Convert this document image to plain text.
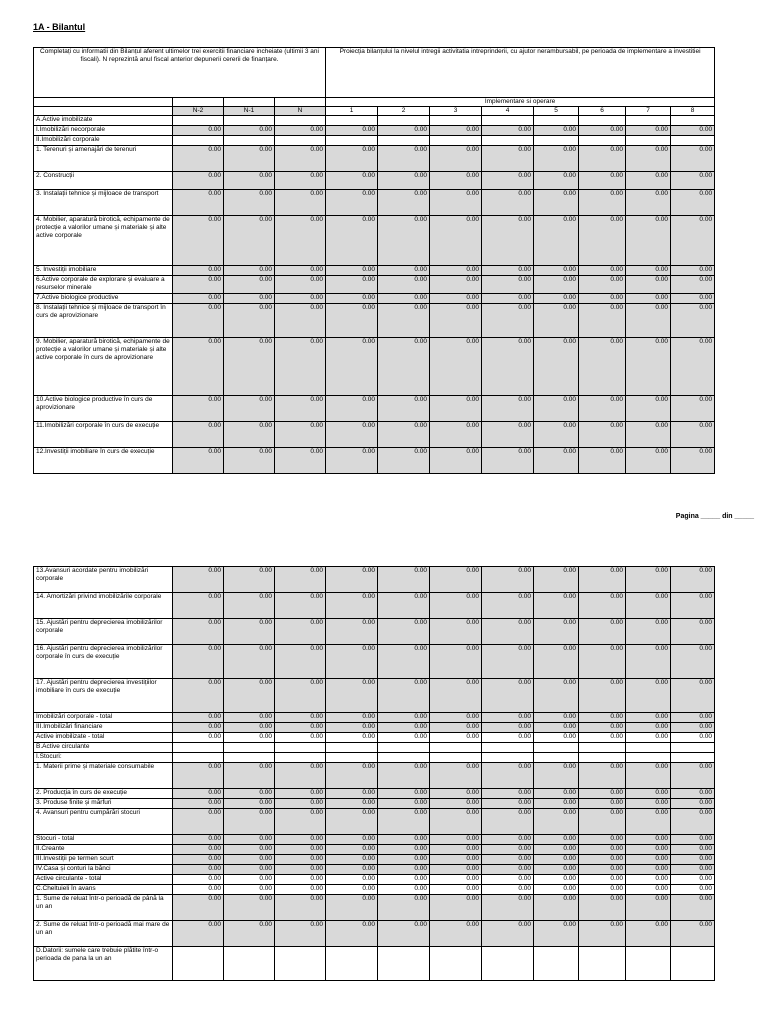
1A - Bilantul
Completați cu informatii din Bilanțul aferent ultimelor trei exercitii financiare incheiate (ultimii 3 ani fiscali). N reprezintă anul fiscal anterior depunerii cererii de finanțare.				Proiecția bilanțului la nivelul intregii activitatia intreprinderii, cu ajutor nerambursabil, pe perioada de implementare a investitiei							
				Implementare si operare							
	N-2	N-1	N	1	2	3	4	5	6	7	8
A.Active imobilizate											
I.Imobilizări necorporale	0.00	0.00	0.00	0.00	0.00	0.00	0.00	0.00	0.00	0.00	0.00
II.Imobilizări corporale											
1. Terenuri și amenajări de terenuri	0.00	0.00	0.00	0.00	0.00	0.00	0.00	0.00	0.00	0.00	0.00
2. Construcții	0.00	0.00	0.00	0.00	0.00	0.00	0.00	0.00	0.00	0.00	0.00
3. Instalații tehnice și mijloace de transport	0.00	0.00	0.00	0.00	0.00	0.00	0.00	0.00	0.00	0.00	0.00
4. Mobilier, aparatură birotică, echipamente de protecție a valorilor umane și materiale și alte active corporale	0.00	0.00	0.00	0.00	0.00	0.00	0.00	0.00	0.00	0.00	0.00
5. Investiții imobiliare	0.00	0.00	0.00	0.00	0.00	0.00	0.00	0.00	0.00	0.00	0.00
6.Active corporale de explorare și evaluare a resurselor minerale	0.00	0.00	0.00	0.00	0.00	0.00	0.00	0.00	0.00	0.00	0.00
7.Active biologice productive	0.00	0.00	0.00	0.00	0.00	0.00	0.00	0.00	0.00	0.00	0.00
8. Instalații tehnice și mijloace de transport în curs de aprovizionare	0.00	0.00	0.00	0.00	0.00	0.00	0.00	0.00	0.00	0.00	0.00
9. Mobilier, aparatură birotică, echipamente de protecție a valorilor umane și materiale și alte active corporale în curs de aprovizionare	0.00	0.00	0.00	0.00	0.00	0.00	0.00	0.00	0.00	0.00	0.00
10.Active biologice productive în curs de aprovizionare	0.00	0.00	0.00	0.00	0.00	0.00	0.00	0.00	0.00	0.00	0.00
11.Imobilizări corporale în curs de execuție	0.00	0.00	0.00	0.00	0.00	0.00	0.00	0.00	0.00	0.00	0.00
12.Investiții imobiliare în curs de execuție	0.00	0.00	0.00	0.00	0.00	0.00	0.00	0.00	0.00	0.00	0.00
Pagina _____ din _____
13.Avansuri acordate pentru imobilizări corporale	0.00	0.00	0.00	0.00	0.00	0.00	0.00	0.00	0.00	0.00	0.00
14. Amortizări privind imobilizările corporale	0.00	0.00	0.00	0.00	0.00	0.00	0.00	0.00	0.00	0.00	0.00
15. Ajustări pentru deprecierea imobilizărilor corporale	0.00	0.00	0.00	0.00	0.00	0.00	0.00	0.00	0.00	0.00	0.00
16. Ajustări pentru deprecierea imobilizărilor corporale în curs de execuție	0.00	0.00	0.00	0.00	0.00	0.00	0.00	0.00	0.00	0.00	0.00
17. Ajustări pentru deprecierea investițiilor imobiliare în curs de execuție	0.00	0.00	0.00	0.00	0.00	0.00	0.00	0.00	0.00	0.00	0.00
Imobilizări corporale - total	0.00	0.00	0.00	0.00	0.00	0.00	0.00	0.00	0.00	0.00	0.00
III.Imobilizări financiare	0.00	0.00	0.00	0.00	0.00	0.00	0.00	0.00	0.00	0.00	0.00
Active imobilizate - total	0.00	0.00	0.00	0.00	0.00	0.00	0.00	0.00	0.00	0.00	0.00
B.Active circulante											
I.Stocuri:											
1. Materii prime și materiale consumabile	0.00	0.00	0.00	0.00	0.00	0.00	0.00	0.00	0.00	0.00	0.00
2. Producția în curs de execuție	0.00	0.00	0.00	0.00	0.00	0.00	0.00	0.00	0.00	0.00	0.00
3. Produse finite și mărfuri	0.00	0.00	0.00	0.00	0.00	0.00	0.00	0.00	0.00	0.00	0.00
4. Avansuri pentru cumpărări stocuri	0.00	0.00	0.00	0.00	0.00	0.00	0.00	0.00	0.00	0.00	0.00
Stocuri - total	0.00	0.00	0.00	0.00	0.00	0.00	0.00	0.00	0.00	0.00	0.00
II.Creante	0.00	0.00	0.00	0.00	0.00	0.00	0.00	0.00	0.00	0.00	0.00
III.Investiții pe termen scurt	0.00	0.00	0.00	0.00	0.00	0.00	0.00	0.00	0.00	0.00	0.00
IV.Casa și conturi la bănci	0.00	0.00	0.00	0.00	0.00	0.00	0.00	0.00	0.00	0.00	0.00
Active circulante - total	0.00	0.00	0.00	0.00	0.00	0.00	0.00	0.00	0.00	0.00	0.00
C.Cheltuieli în avans	0.00	0.00	0.00	0.00	0.00	0.00	0.00	0.00	0.00	0.00	0.00
1. Sume de reluat într-o perioadă de până la un an	0.00	0.00	0.00	0.00	0.00	0.00	0.00	0.00	0.00	0.00	0.00
2. Sume de reluat într-o perioadă mai mare de un an	0.00	0.00	0.00	0.00	0.00	0.00	0.00	0.00	0.00	0.00	0.00
D.Datorii: sumele care trebuie plătite într-o perioada de pana la un an											
